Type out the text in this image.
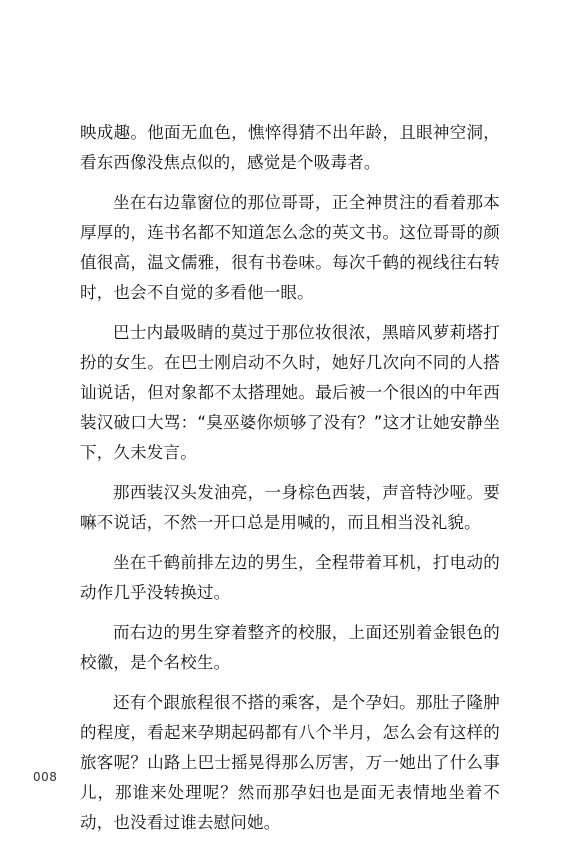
映成趣。他面无血色，憔悴得猜不出年龄，且眼神空洞，看东西像没焦点似的，感觉是个吸毒者。

坐在右边靠窗位的那位哥哥，正全神贯注的看着那本厚厚的，连书名都不知道怎么念的英文书。这位哥哥的颜值很高，温文儒雅，很有书卷味。每次千鹤的视线往右转时，也会不自觉的多看他一眼。

巴士内最吸睛的莫过于那位妆很浓，黑暗风萝莉塔打扮的女生。在巴士刚启动不久时，她好几次向不同的人搭讪说话，但对象都不太搭理她。最后被一个很凶的中年西装汉破口大骂：“臭巫婆你烦够了没有？”这才让她安静坐下，久未发言。

那西装汉头发油亮，一身棕色西装，声音特沙哑。要嘛不说话，不然一开口总是用喊的，而且相当没礼貌。

坐在千鹤前排左边的男生，全程带着耳机，打电动的动作几乎没转换过。

而右边的男生穿着整齐的校服，上面还别着金银色的校徽，是个名校生。

还有个跟旅程很不搭的乘客，是个孕妇。那肚子隆肿的程度，看起来孕期起码都有八个半月，怎么会有这样的旅客呢？山路上巴士摇晃得那么厉害，万一她出了什么事儿，那谁来处理呢？然而那孕妇也是面无表情地坐着不动，也没看过谁去慰问她。

008
